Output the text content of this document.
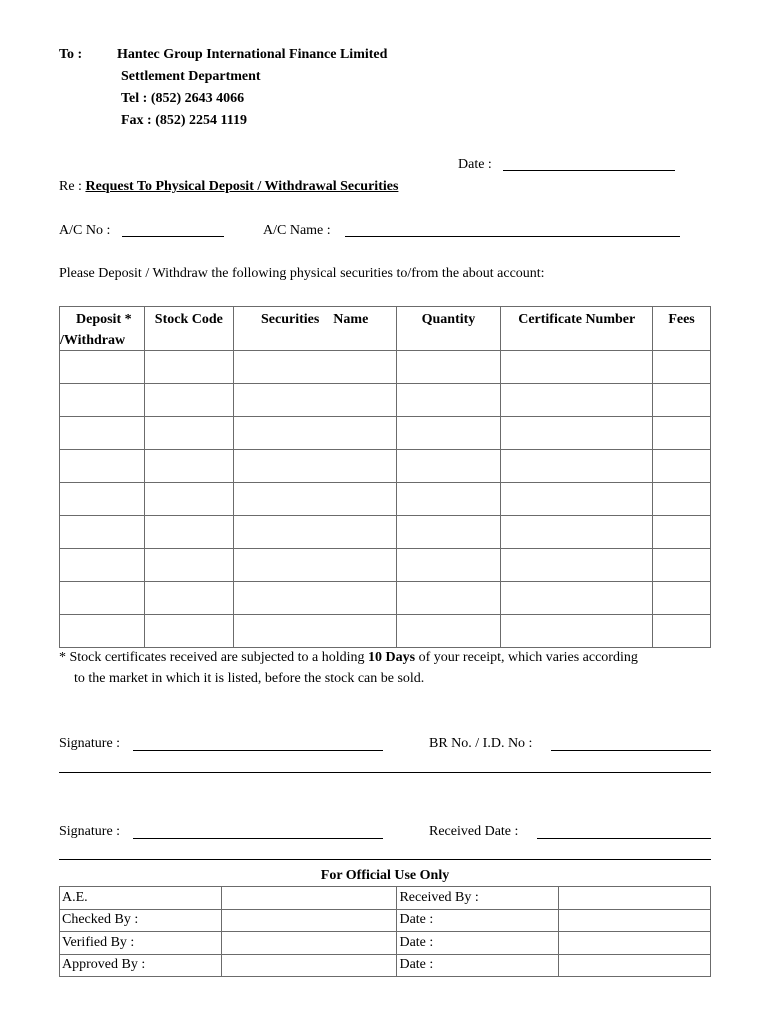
To : Hantec Group International Finance Limited
Settlement Department
Tel : (852) 2643 4066
Fax : (852) 2254 1119
Date :
Re : Request To Physical Deposit / Withdrawal Securities
A/C No :	A/C Name :
Please Deposit / Withdraw the following physical securities to/from the about account:
Deposit *
/Withdraw	Stock Code	Securities    Name	Quantity	Certificate Number	Fees

* Stock certificates received are subjected to a holding 10 Days of your receipt, which varies according
to the market in which it is listed, before the stock can be sold.
Signature :	BR No. / I.D. No :
Signature :	Received Date :
For Official Use Only
A.E.		Received By :	
Checked By :		Date :	
Verified By :		Date :	
Approved By :		Date :	
